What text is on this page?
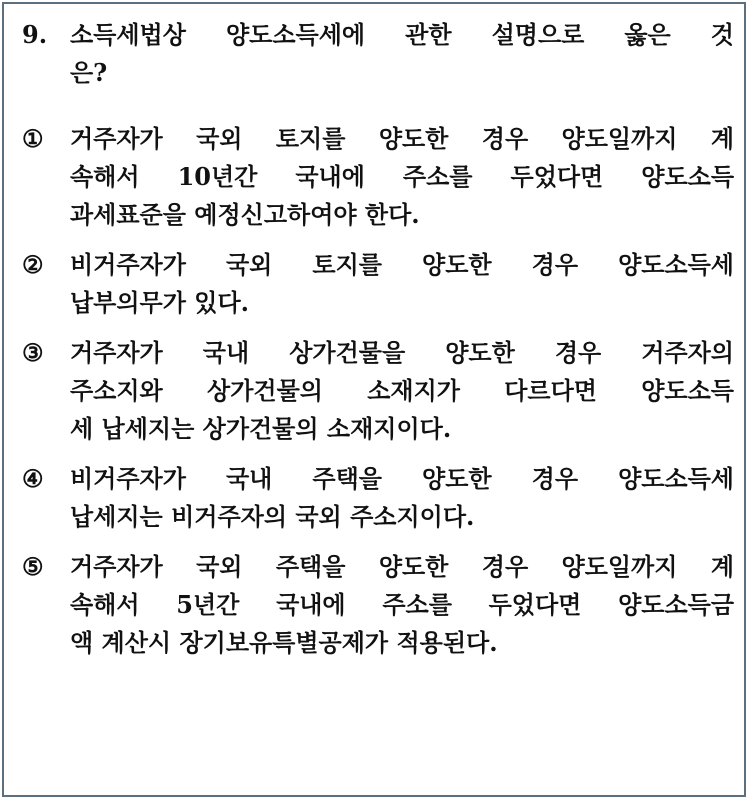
9. 소득세법상 양도소득세에 관한 설명으로 옳은 것
은?
①	거주자가 국외 토지를 양도한 경우 양도일까지 계
속해서 10년간 국내에 주소를 두었다면 양도소득
과세표준을 예정신고하여야 한다.
②	비거주자가 국외 토지를 양도한 경우 양도소득세
납부의무가 있다.
③	거주자가 국내 상가건물을 양도한 경우 거주자의
주소지와 상가건물의 소재지가 다르다면 양도소득
세 납세지는 상가건물의 소재지이다.
④	비거주자가 국내 주택을 양도한 경우 양도소득세
납세지는 비거주자의 국외 주소지이다.
⑤	거주자가 국외 주택을 양도한 경우 양도일까지 계
속해서 5년간 국내에 주소를 두었다면 양도소득금
액 계산시 장기보유특별공제가 적용된다.
